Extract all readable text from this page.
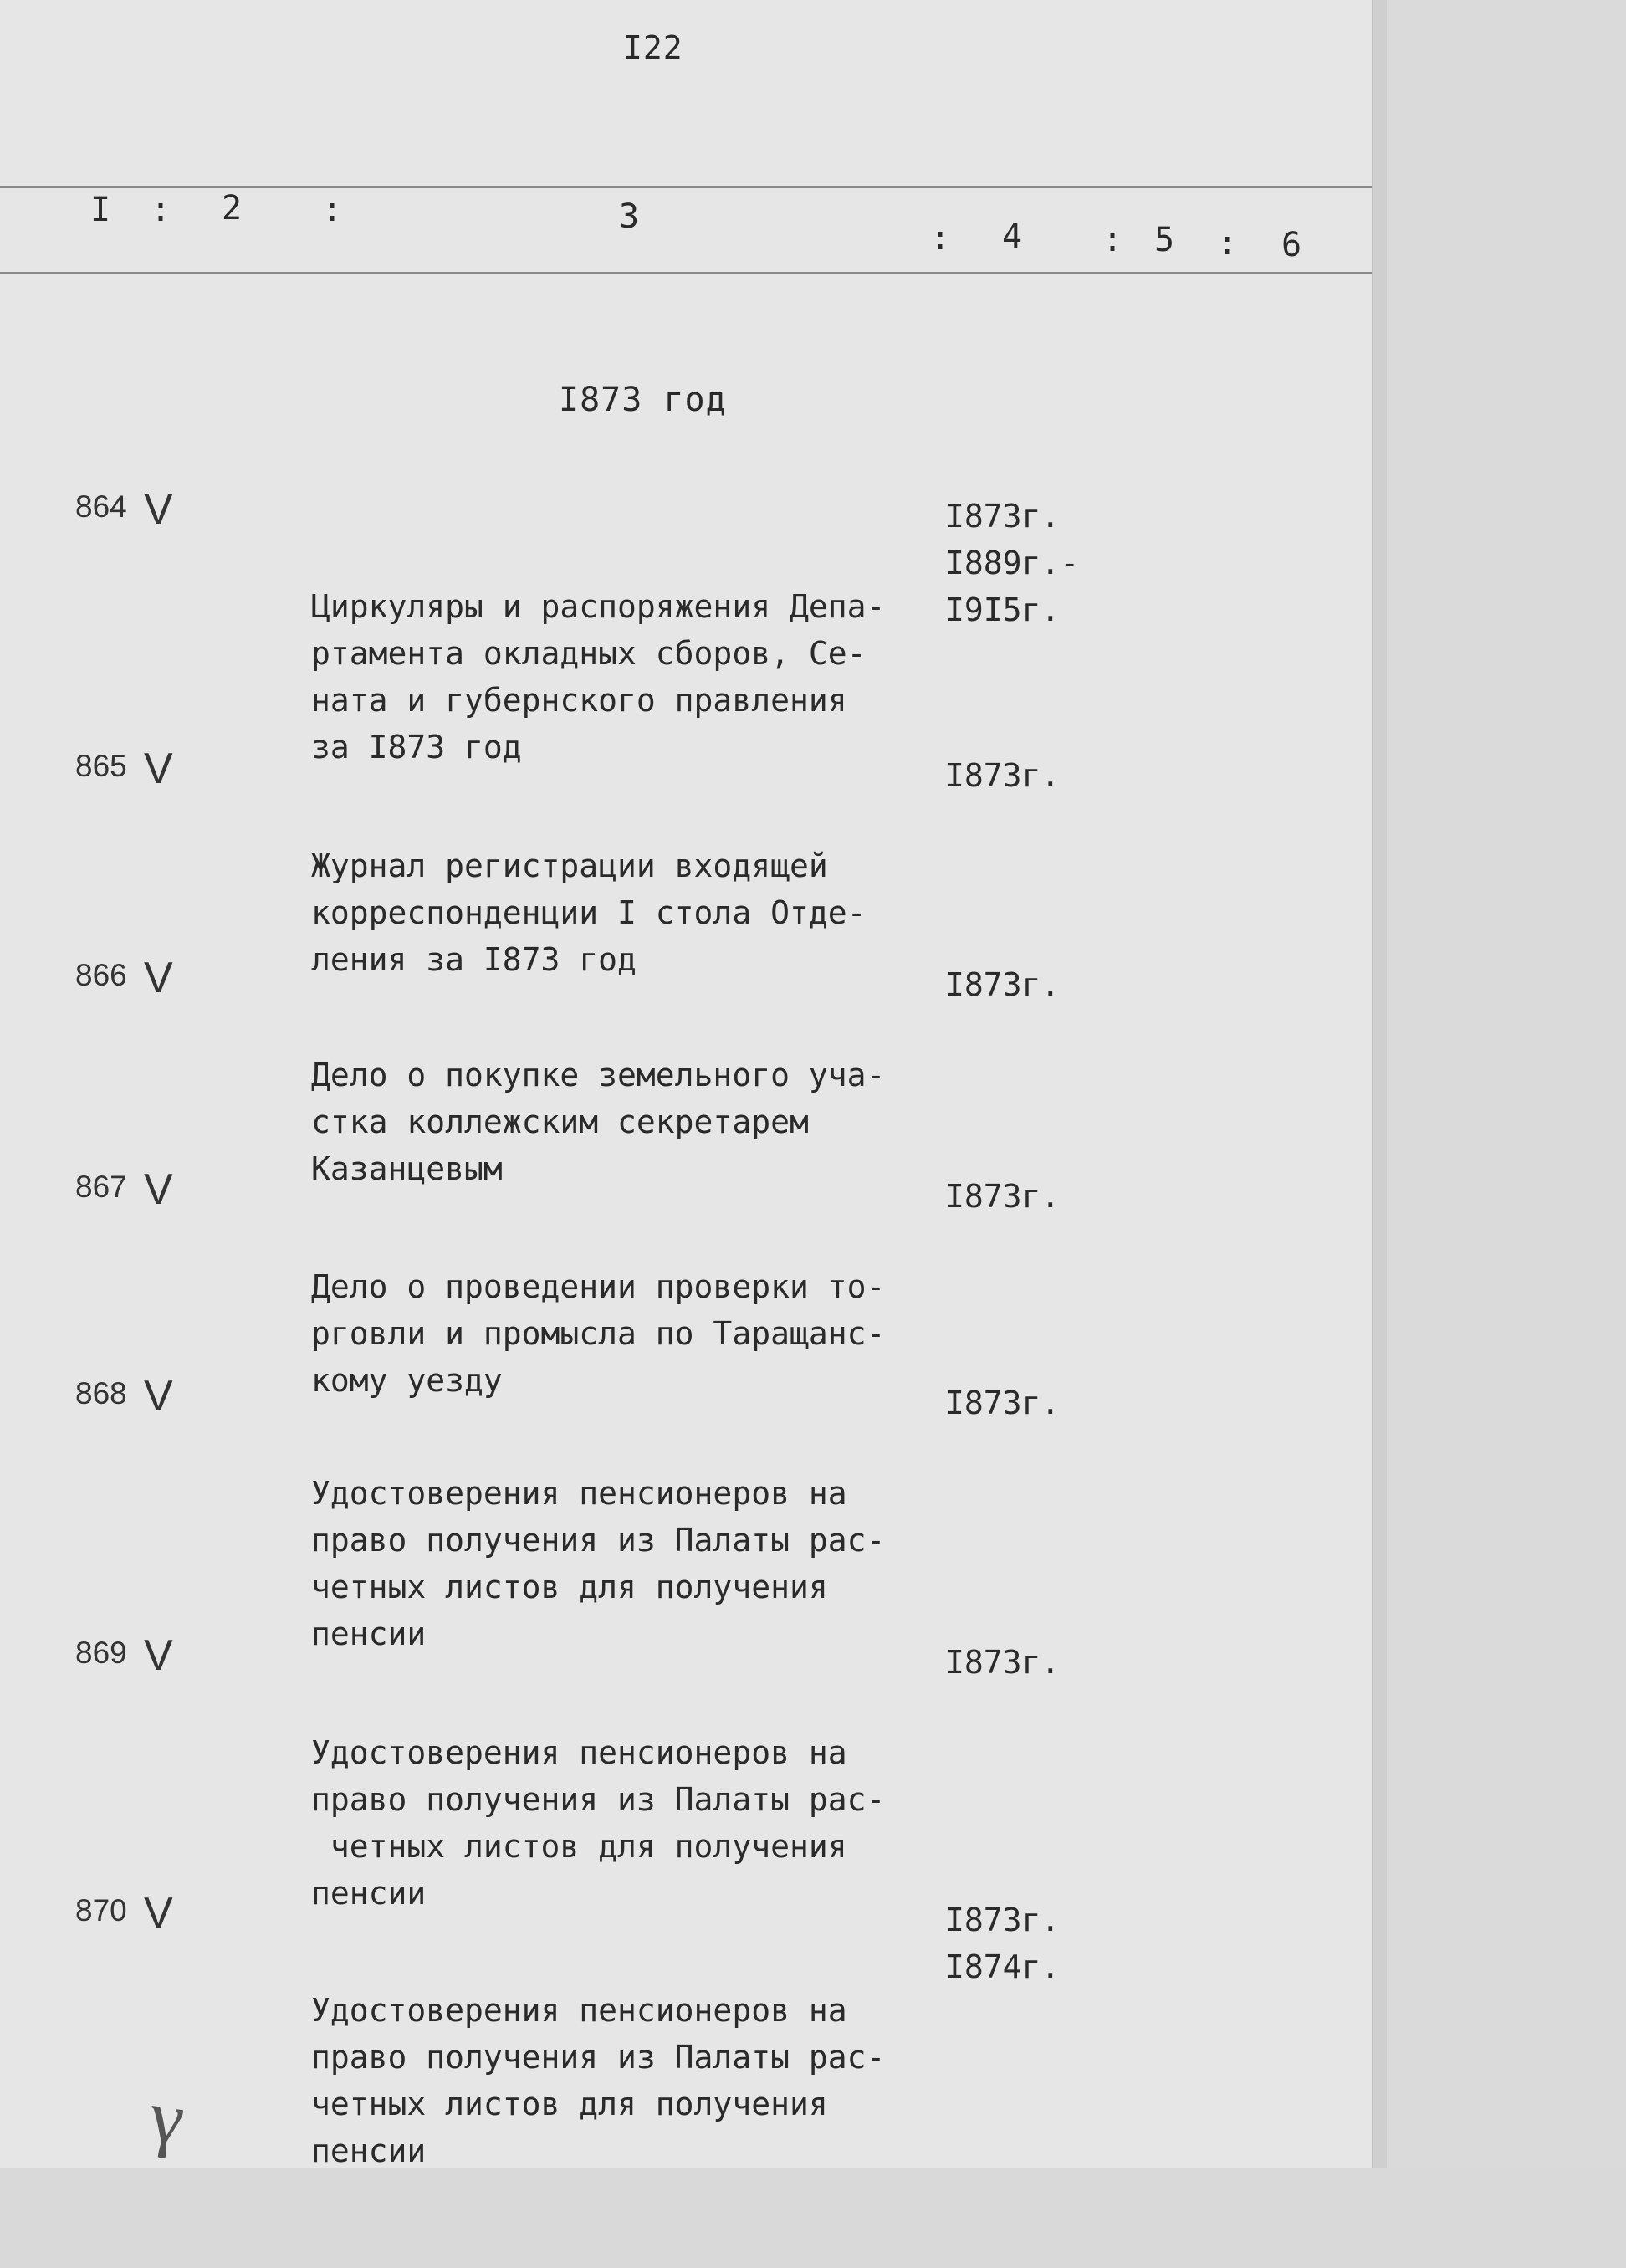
I22
I : 2 :	3
: 4 : 5 : 6
I873 год
864 V

Циркуляры и распоряжения Депа-
ртамента окладных сборов, Се-
ната и губернского правления
за I873 год

I873г.
I889г.-
I9I5г.
865 V

Журнал регистрации входящей
корреспонденции I стола Отде-
ления за I873 год

I873г.
866 V

Дело о покупке земельного уча-
стка коллежским секретарем
Казанцевым

I873г.
867 V

Дело о проведении проверки то-
рговли и промысла по Таращанс-
кому уезду

I873г.
868 V

Удостоверения пенсионеров на
право получения из Палаты рас-
четных листов для получения
пенсии

I873г.
869 V

Удостоверения пенсионеров на
право получения из Палаты рас-
четных листов для получения
пенсии

I873г.
870 V

Удостоверения пенсионеров на
право получения из Палаты рас-
четных листов для получения
пенсии

I873г.
I874г.
γ
